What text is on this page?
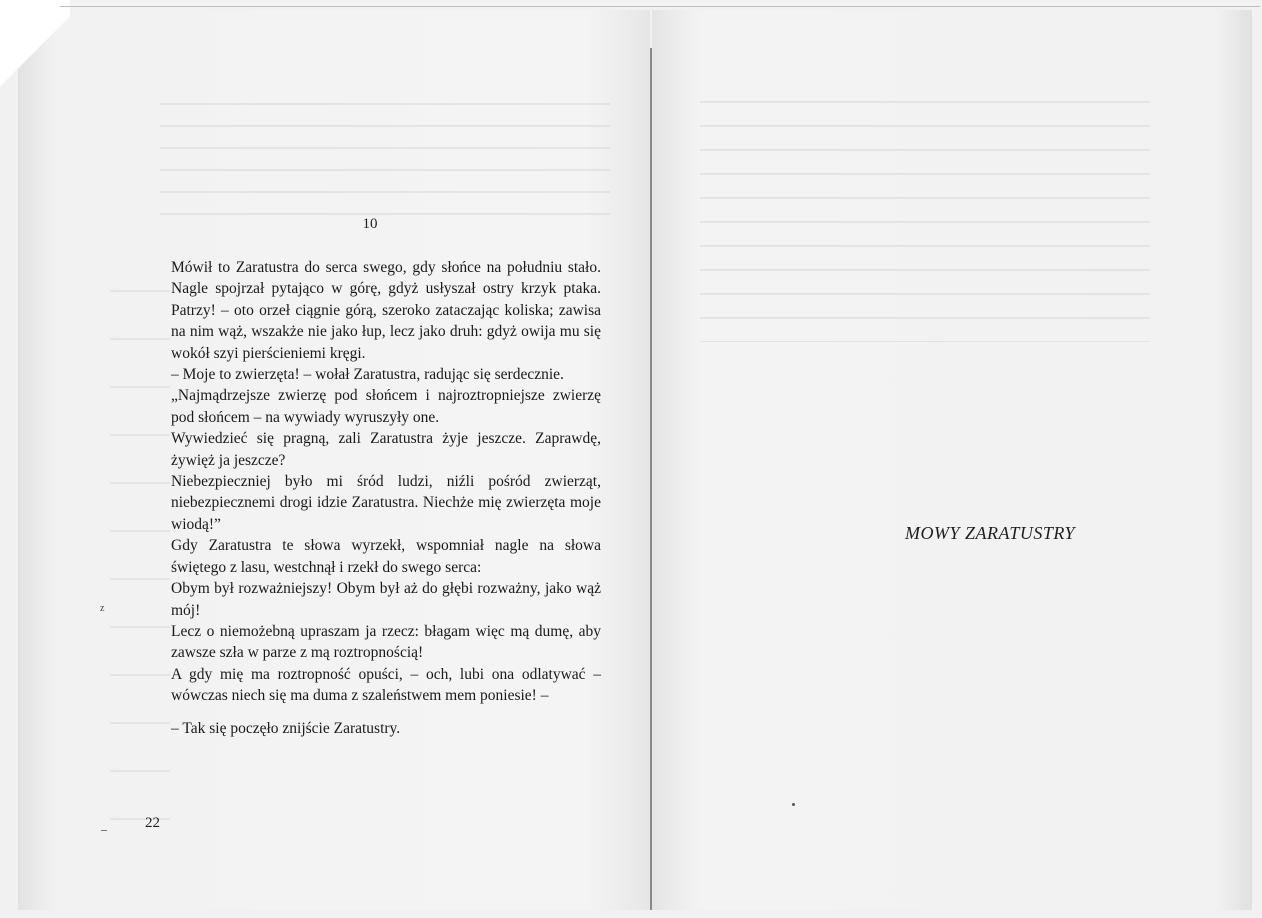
10

Mówił to Zaratustra do serca swego, gdy słońce na południu stało. Nagle spojrzał pytająco w górę, gdyż usłyszał ostry krzyk ptaka. Patrzy! – oto orzeł ciągnie górą, szeroko zataczając koliska; zawisa na nim wąż, wszakże nie jako łup, lecz jako druh: gdyż owija mu się wokół szyi pierścieniemi kręgi.

– Moje to zwierzęta! – wołał Zaratustra, radując się serdecznie.

„Najmądrzejsze zwierzę pod słońcem i najroztropniejsze zwierzę pod słońcem – na wywiady wyruszyły one.

Wywiedzieć się pragną, zali Zaratustra żyje jeszcze. Zaprawdę, żywięż ja jeszcze?

Niebezpieczniej było mi śród ludzi, niźli pośród zwierząt, niebezpiecznemi drogi idzie Zaratustra. Niechże mię zwierzęta moje wiodą!”

Gdy Zaratustra te słowa wyrzekł, wspomniał nagle na słowa świętego z lasu, westchnął i rzekł do swego serca:

Obym był rozważniejszy! Obym był aż do głębi rozważny, jako wąż mój!

Lecz o niemożebną upraszam ja rzecz: błagam więc mą dumę, aby zawsze szła w parze z mą roztropnością!

A gdy mię ma roztropność opuści, – och, lubi ona odlatywać – wówczas niech się ma duma z szaleństwem mem poniesie! –

– Tak się poczęło znijście Zaratustry.

z
22
MOWY ZARATUSTRY
